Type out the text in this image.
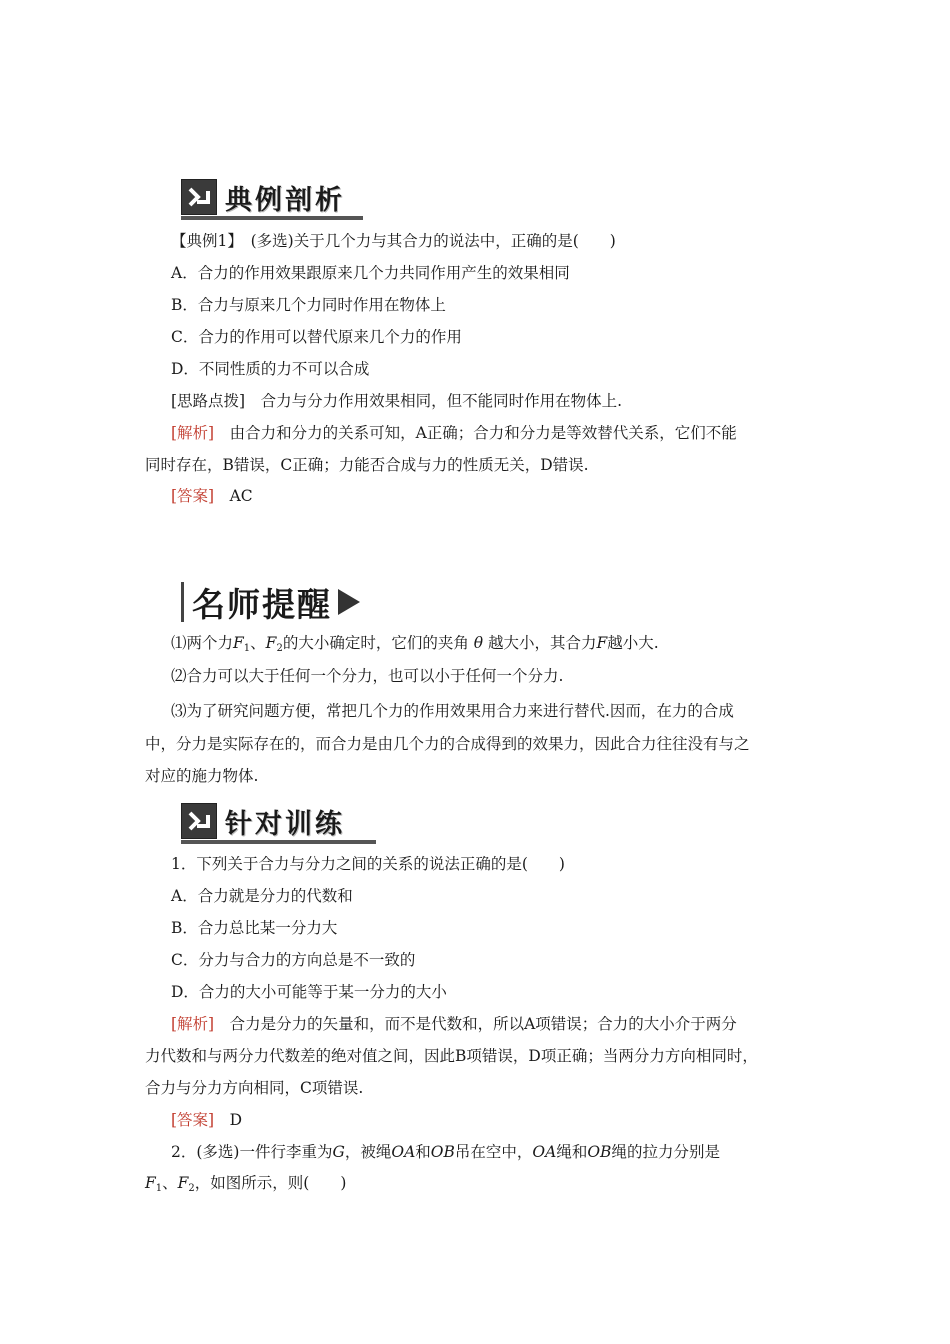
典例剖析
【典例1】　(多选)关于几个力与其合力的说法中，正确的是(　　)
A．合力的作用效果跟原来几个力共同作用产生的效果相同
B．合力与原来几个力同时作用在物体上
C．合力的作用可以替代原来几个力的作用
D．不同性质的力不可以合成
[思路点拨]　合力与分力作用效果相同，但不能同时作用在物体上.
[解析]　由合力和分力的关系可知，A正确；合力和分力是等效替代关系，它们不能
同时存在，B错误，C正确；力能否合成与力的性质无关，D错误.
[答案]　AC
名师提醒
⑴两个力$F_1$、$F_2$的大小确定时，它们的夹角 θ 越大小，其合力F越小大.
⑵合力可以大于任何一个分力，也可以小于任何一个分力.
⑶为了研究问题方便，常把几个力的作用效果用合力来进行替代.因而，在力的合成
中，分力是实际存在的，而合力是由几个力的合成得到的效果力，因此合力往往没有与之
对应的施力物体.
针对训练
1．下列关于合力与分力之间的关系的说法正确的是(　　)
A．合力就是分力的代数和
B．合力总比某一分力大
C．分力与合力的方向总是不一致的
D．合力的大小可能等于某一分力的大小
[解析]　合力是分力的矢量和，而不是代数和，所以A项错误；合力的大小介于两分
力代数和与两分力代数差的绝对值之间，因此B项错误，D项正确；当两分力方向相同时，
合力与分力方向相同，C项错误.
[答案]　D
2．(多选)一件行李重为G，被绳OA和OB吊在空中，OA绳和OB绳的拉力分别是
$F_1$、$F_2$，如图所示，则(　　)
